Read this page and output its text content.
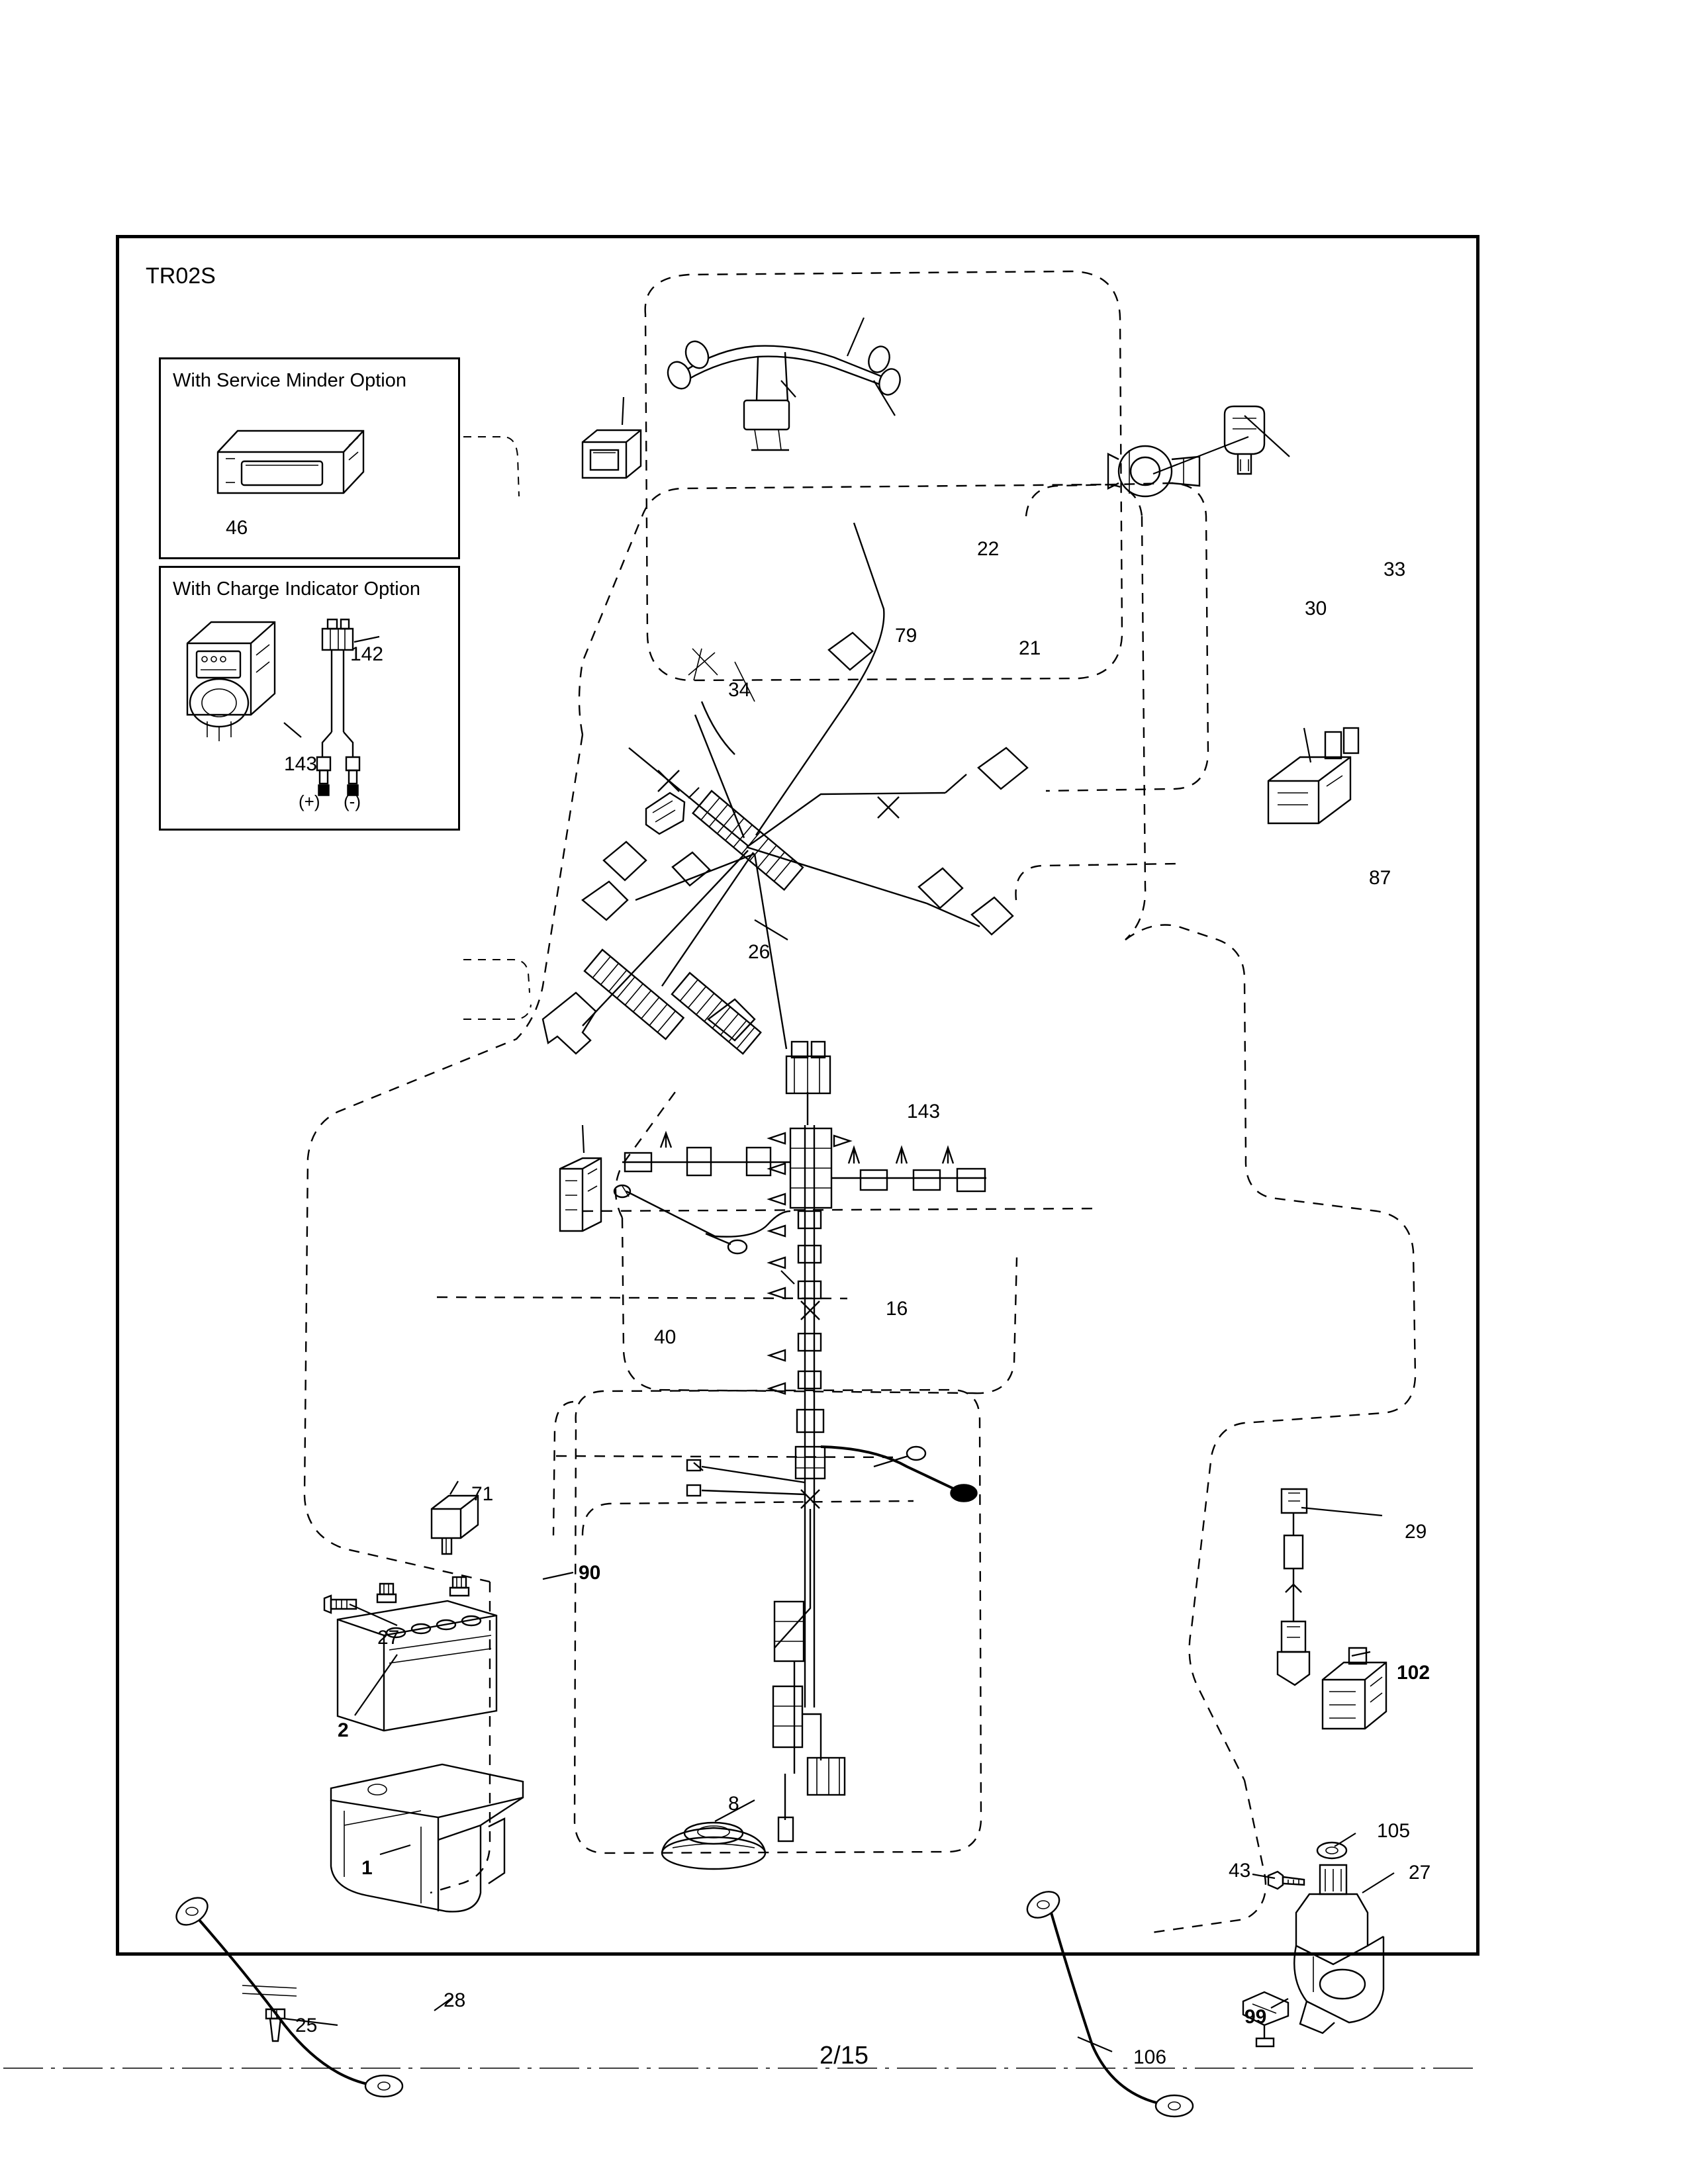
TR02S
With Service Minder Option
46
With Charge Indicator Option
142
143
(+) (-)
22
79
21
33
30
34
87
26
143
40
16
71
90
27
2
1
8
29
102
105
27
43
99
106
25
28
2/15
